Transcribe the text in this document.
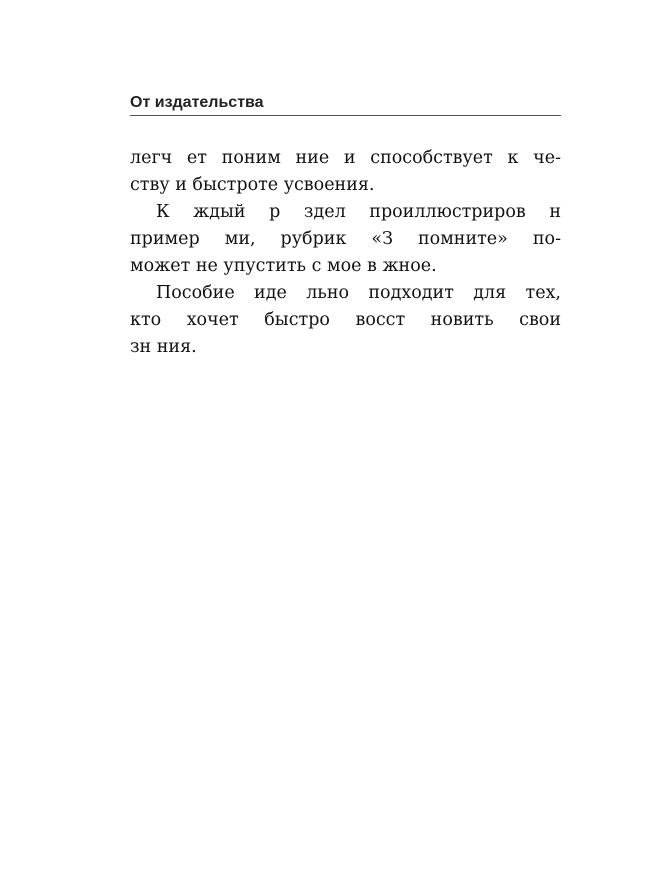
От издательства
легч ет поним ние и способствует к че-
ству и быстроте усвоения.
К ждый р здел проиллюстриров н
пример ми, рубрик «З помните» по-
может не упустить с мое в жное.
Пособие иде льно подходит для тех,
кто хочет быстро восст новить свои
зн ния.
